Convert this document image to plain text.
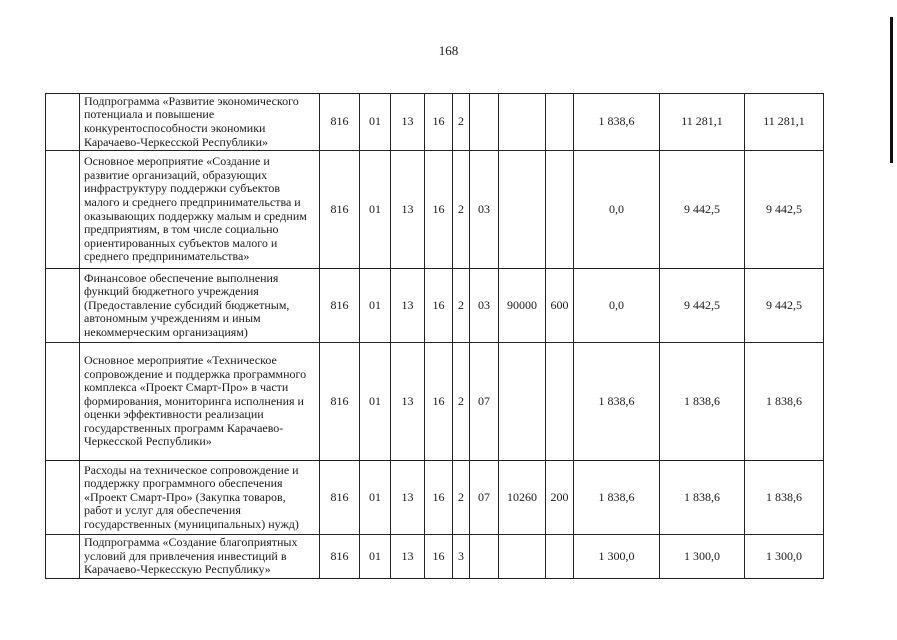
168
	Подпрограмма «Развитие экономического потенциала и повышение конкурентоспособности экономики Карачаево-Черкесской Республики»	816	01	13	16	2				1 838,6	11 281,1	11 281,1
	Основное мероприятие «Создание и развитие организаций, образующих инфраструктуру поддержки субъектов малого и среднего предпринимательства и оказывающих поддержку малым и средним предприятиям, в том числе социально ориентированных субъектов малого и среднего предпринимательства»	816	01	13	16	2	03			0,0	9 442,5	9 442,5
	Финансовое обеспечение выполнения функций бюджетного учреждения (Предоставление субсидий бюджетным, автономным учреждениям и иным некоммерческим организациям)	816	01	13	16	2	03	90000	600	0,0	9 442,5	9 442,5
	Основное мероприятие «Техническое сопровождение и поддержка программного комплекса «Проект Смарт-Про» в части формирования, мониторинга исполнения и оценки эффективности реализации государственных программ Карачаево-Черкесской Республики»	816	01	13	16	2	07			1 838,6	1 838,6	1 838,6
	Расходы на техническое сопровождение и поддержку программного обеспечения «Проект Смарт-Про» (Закупка товаров, работ и услуг для обеспечения государственных (муниципальных) нужд)	816	01	13	16	2	07	10260	200	1 838,6	1 838,6	1 838,6
	Подпрограмма «Создание благоприятных условий для привлечения инвестиций в Карачаево-Черкесскую Республику»	816	01	13	16	3				1 300,0	1 300,0	1 300,0
